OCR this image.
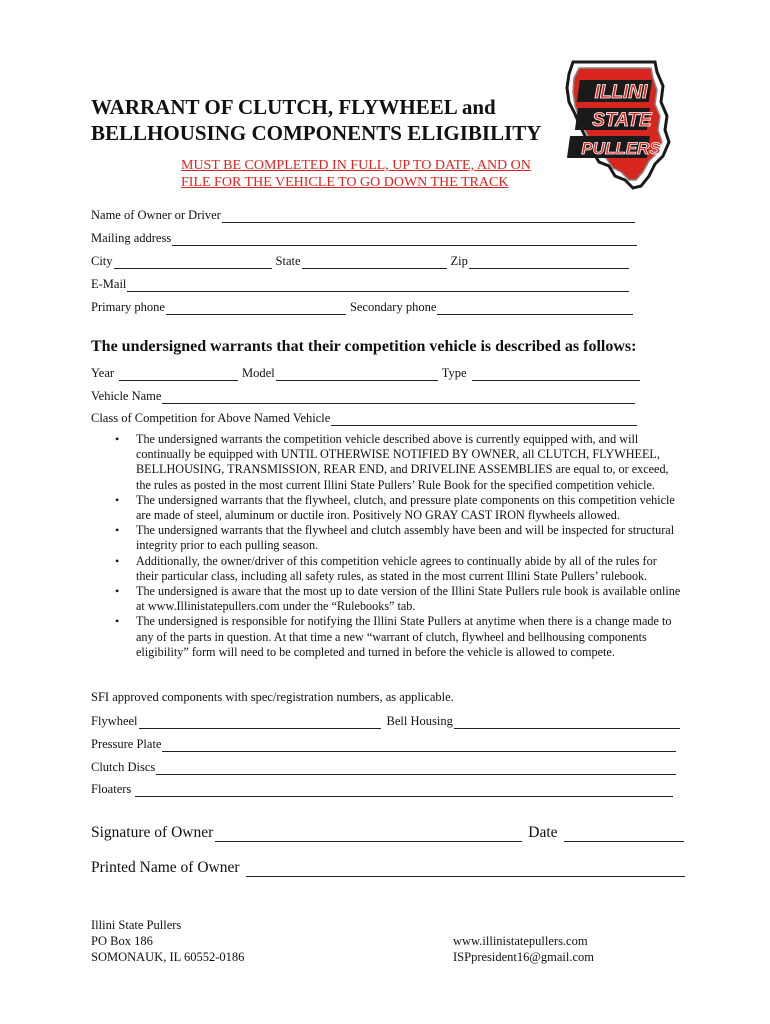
WARRANT OF CLUTCH, FLYWHEEL and
BELLHOUSING COMPONENTS ELIGIBILITY
MUST BE COMPLETED IN FULL, UP TO DATE, AND ON
FILE FOR THE VEHICLE TO GO DOWN THE TRACK
ILLINI
STATE
PULLERS
Name of Owner or Driver
Mailing address
City	State	Zip
E-Mail
Primary phone	Secondary phone
The undersigned warrants that their competition vehicle is described as follows:
Year	Model	Type
Vehicle Name
Class of Competition for Above Named Vehicle
• The undersigned warrants the competition vehicle described above is currently equipped with, and will continually be equipped with UNTIL OTHERWISE NOTIFIED BY OWNER, all CLUTCH, FLYWHEEL, BELLHOUSING, TRANSMISSION, REAR END, and DRIVELINE ASSEMBLIES are equal to, or exceed, the rules as posted in the most current Illini State Pullers’ Rule Book for the specified competition vehicle.
• The undersigned warrants that the flywheel, clutch, and pressure plate components on this competition vehicle are made of steel, aluminum or ductile iron. Positively NO GRAY CAST IRON flywheels allowed.
• The undersigned warrants that the flywheel and clutch assembly have been and will be inspected for structural integrity prior to each pulling season.
• Additionally, the owner/driver of this competition vehicle agrees to continually abide by all of the rules for their particular class, including all safety rules, as stated in the most current Illini State Pullers’ rulebook.
• The undersigned is aware that the most up to date version of the Illini State Pullers rule book is available online at www.Illinistatepullers.com under the “Rulebooks” tab.
• The undersigned is responsible for notifying the Illini State Pullers at anytime when there is a change made to any of the parts in question. At that time a new “warrant of clutch, flywheel and bellhousing components eligibility” form will need to be completed and turned in before the vehicle is allowed to compete.
SFI approved components with spec/registration numbers, as applicable.
Flywheel	Bell Housing
Pressure Plate
Clutch Discs
Floaters
Signature of Owner	Date
Printed Name of Owner
Illini State Pullers
PO Box 186
SOMONAUK, IL 60552-0186
www.illinistatepullers.com
ISPpresident16@gmail.com
